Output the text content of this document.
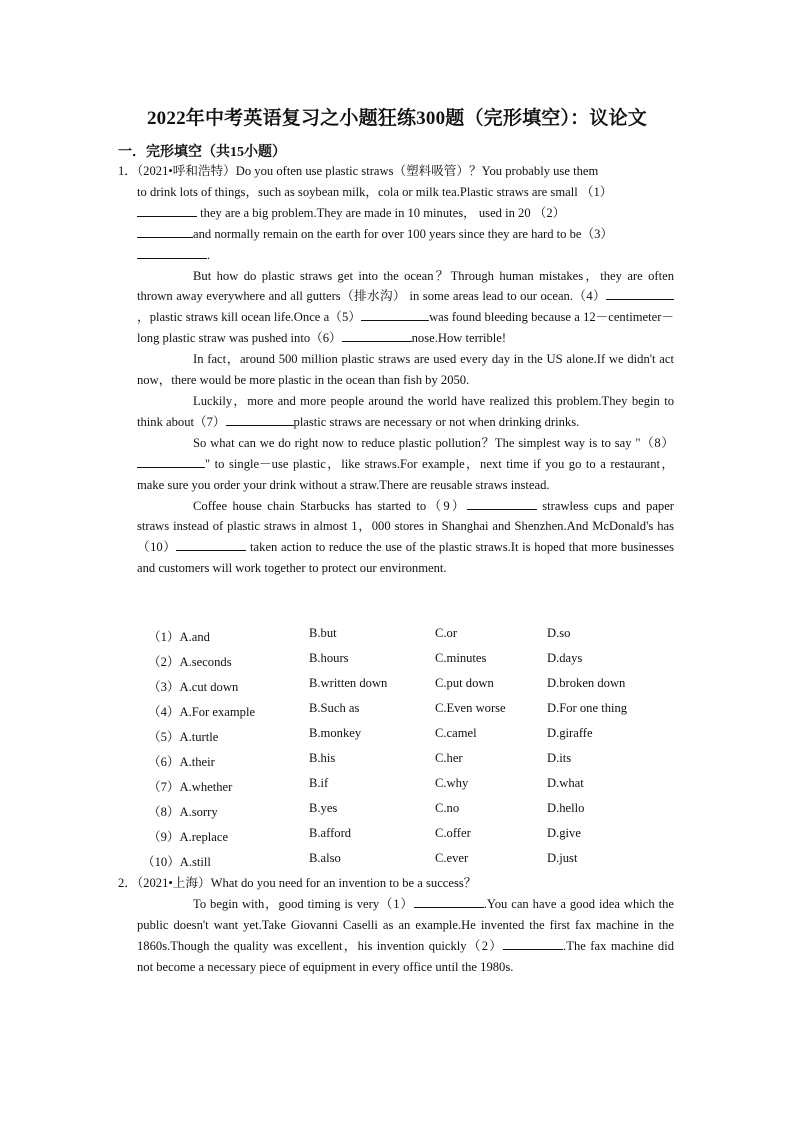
2022年中考英语复习之小题狂练300题（完形填空）：议论文
一．完形填空（共15小题）

1．（2021•呼和浩特）Do you often use plastic straws（塑料吸管）？You probably use them

to drink lots of things，such as soybean milk，cola or milk tea.Plastic straws are small （1）

they are a big problem.They are made in 10 minutes， used in 20 （2）

and normally remain on the earth for over 100 years since they are hard to be（3）

.

But how do plastic straws get into the ocean？Through human mistakes，they are often thrown away everywhere and all gutters（排水沟） in some areas lead to our ocean.（4），plastic straws kill ocean life.Once a（5）	was found bleeding because a 12－centimeter－long plastic straw was pushed into（6）	nose.How terrible!

In fact，around 500 million plastic straws are used every day in the US alone.If we didn't act now，there would be more plastic in the ocean than fish by 2050.

Luckily，more and more people around the world have realized this problem.They begin to think about（7）	plastic straws are necessary or not when drinking drinks.

So what can we do right now to reduce plastic pollution？The simplest way is to say "（8）" to single－use plastic，like straws.For example，next time if you go to a restaurant，make sure you order your drink without a straw.There are reusable straws instead.

Coffee house chain Starbucks has started to（9）	strawless cups and paper straws instead of plastic straws in almost 1，000 stores in Shanghai and Shenzhen.And McDonald's has（10）	taken action to reduce the use of the plastic straws.It is hoped that more businesses and customers will work together to protect our environment.

（1）A.and	B.but	C.or	D.so
（2）A.seconds	B.hours	C.minutes	D.days
（3）A.cut down	B.written down	C.put down	D.broken down
（4）A.For example	B.Such as	C.Even worse	D.For one thing
（5）A.turtle	B.monkey	C.camel	D.giraffe
（6）A.their	B.his	C.her	D.its
（7）A.whether	B.if	C.why	D.what
（8）A.sorry	B.yes	C.no	D.hello
（9）A.replace	B.afford	C.offer	D.give
（10）A.still	B.also	C.ever	D.just

2．（2021•上海）What do you need for an invention to be a success？

To begin with，good timing is very（1）	.You can have a good idea which the public doesn't want yet.Take Giovanni Caselli as an example.He invented the first fax machine in the 1860s.Though the quality was excellent，his invention quickly（2）	.The fax machine did not become a necessary piece of equipment in every office until the 1980s.
